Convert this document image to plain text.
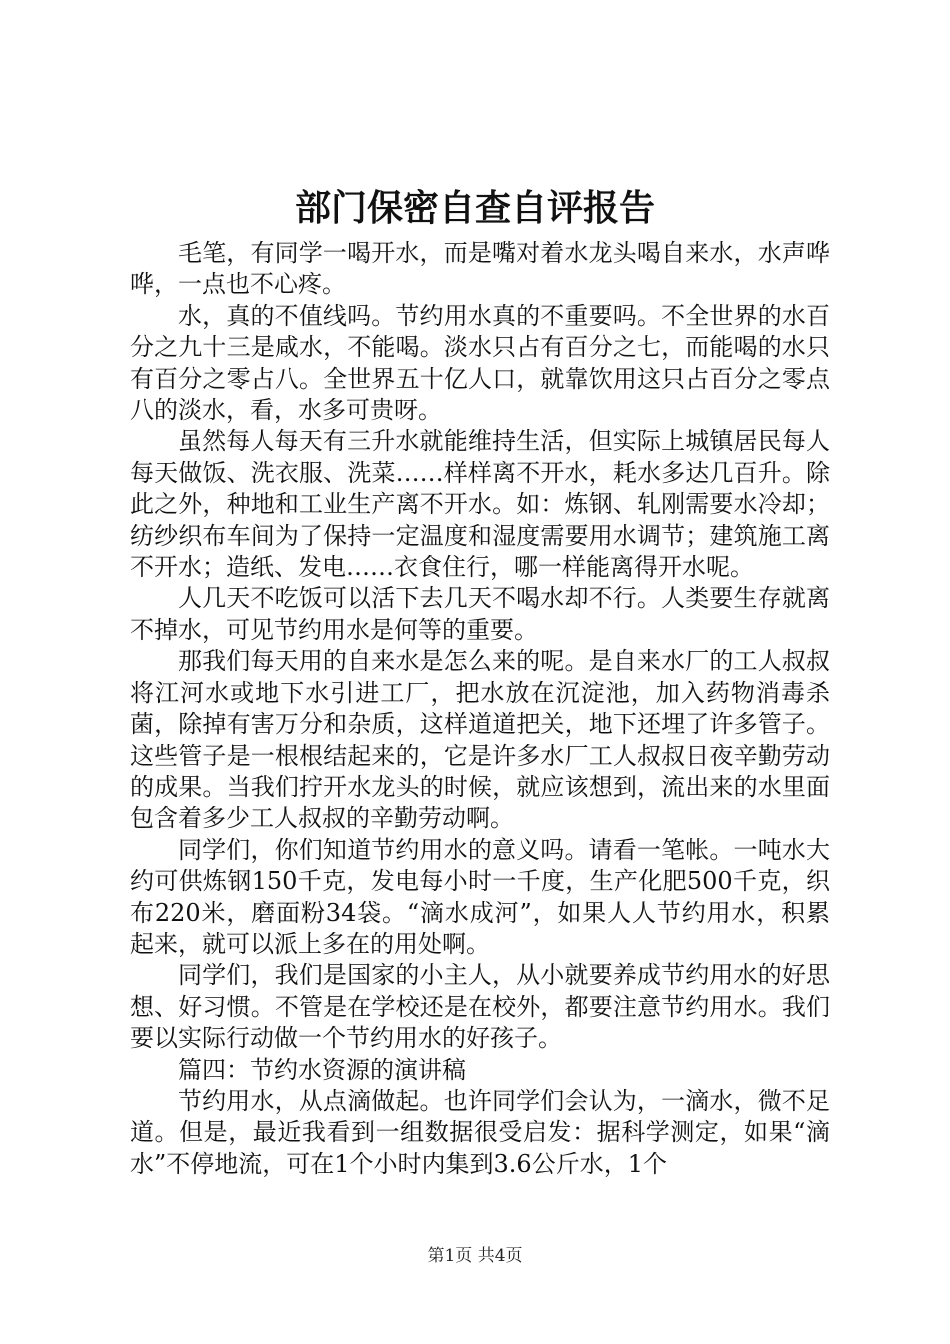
部门保密自查自评报告

毛笔，有同学一喝开水，而是嘴对着水龙头喝自来水，水声哗哗，一点也不心疼。

水，真的不值线吗。节约用水真的不重要吗。不全世界的水百分之九十三是咸水，不能喝。淡水只占有百分之七，而能喝的水只有百分之零占八。全世界五十亿人口，就靠饮用这只占百分之零点八的淡水，看，水多可贵呀。

虽然每人每天有三升水就能维持生活，但实际上城镇居民每人每天做饭、洗衣服、洗菜……样样离不开水，耗水多达几百升。除此之外，种地和工业生产离不开水。如：炼钢、轧刚需要水冷却；纺纱织布车间为了保持一定温度和湿度需要用水调节；建筑施工离不开水；造纸、发电……衣食住行，哪一样能离得开水呢。

人几天不吃饭可以活下去几天不喝水却不行。人类要生存就离不掉水，可见节约用水是何等的重要。

那我们每天用的自来水是怎么来的呢。是自来水厂的工人叔叔将江河水或地下水引进工厂，把水放在沉淀池，加入药物消毒杀菌，除掉有害万分和杂质，这样道道把关，地下还埋了许多管子。这些管子是一根根结起来的，它是许多水厂工人叔叔日夜辛勤劳动的成果。当我们拧开水龙头的时候，就应该想到，流出来的水里面包含着多少工人叔叔的辛勤劳动啊。

同学们，你们知道节约用水的意义吗。请看一笔帐。一吨水大约可供炼钢150千克，发电每小时一千度，生产化肥500千克，织布220米，磨面粉34袋。“滴水成河”，如果人人节约用水，积累起来，就可以派上多在的用处啊。

同学们，我们是国家的小主人，从小就要养成节约用水的好思想、好习惯。不管是在学校还是在校外，都要注意节约用水。我们要以实际行动做一个节约用水的好孩子。

篇四：节约水资源的演讲稿

节约用水，从点滴做起。也许同学们会认为，一滴水，微不足道。但是，最近我看到一组数据很受启发：据科学测定，如果“滴水”不停地流，可在1个小时内集到3.6公斤水，1个

第1页 共4页
